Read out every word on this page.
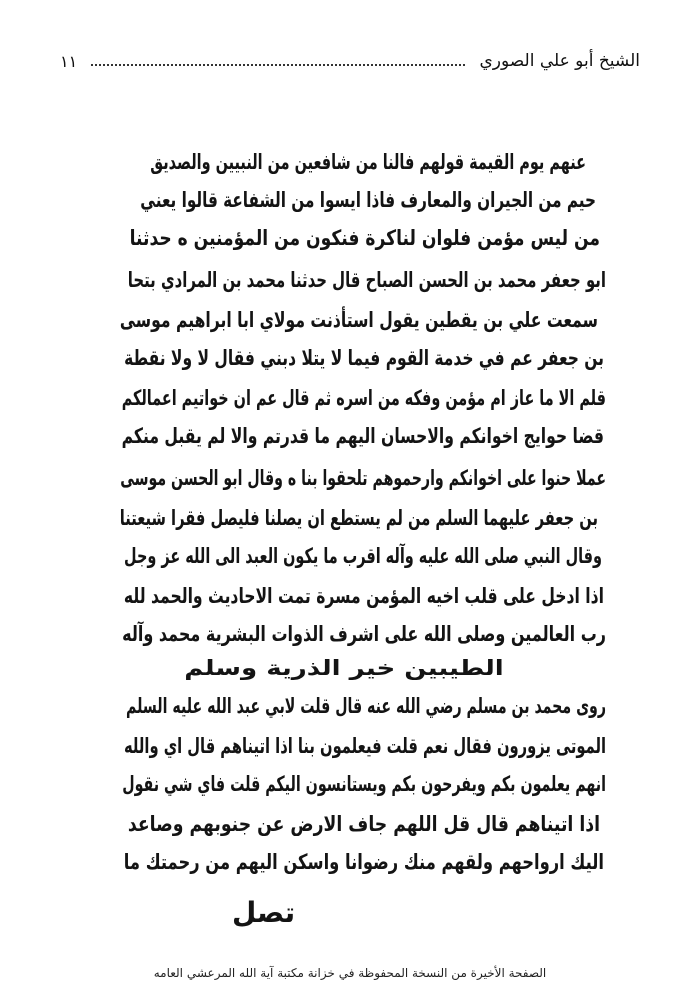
الشيخ أبو علي الصوري
١١
عنهم يوم القيمة قولهم فالنا من شافعين من النبيين والصديق
حيم من الجيران والمعارف فاذا ايسوا من الشفاعة قالوا يعني
من ليس مؤمن فلوان لناكرة فنكون من المؤمنين ه حدثنا
ابو جعفر محمد بن الحسن الصباح قال حدثنا محمد بن المرادي بتحا
سمعت علي بن يقطين يقول استأذنت مولاي ابا ابراهيم موسى
بن جعفر عم في خدمة القوم فيما لا يتلا دبني فقال لا ولا نقطة
قلم الا ما عاز ام مؤمن وفكه من اسره ثم قال عم ان خواتيم اعمالكم
قضا حوايج اخوانكم والاحسان اليهم ما قدرتم والا لم يقبل منكم
عملا حنوا على اخوانكم وارحموهم تلحقوا بنا ه وقال ابو الحسن موسى
بن جعفر عليهما السلم من لم يستطع ان يصلنا فليصل فقرا شيعتنا
وقال النبي صلى الله عليه وآله اقرب ما يكون العبد الى الله عز وجل
اذا ادخل على قلب اخيه المؤمن مسرة تمت الاحاديث والحمد لله
رب العالمين وصلى الله على اشرف الذوات البشرية محمد وآله
الطيبين خير الذرية وسلم
روى محمد بن مسلم رضي الله عنه قال قلت لابي عبد الله عليه السلم
الموتى يزورون فقال نعم قلت فيعلمون بنا اذا اتيناهم قال اي والله
انهم يعلمون بكم ويفرحون بكم ويستانسون اليكم قلت فاي شي نقول
اذا اتيناهم قال قل اللهم جاف الارض عن جنوبهم وصاعد
اليك ارواحهم ولقهم منك رضوانا واسكن اليهم من رحمتك ما
تصل
الصفحة الأخيرة من النسخة المحفوظة في خزانة مكتبة آية الله المرعشي العامه
